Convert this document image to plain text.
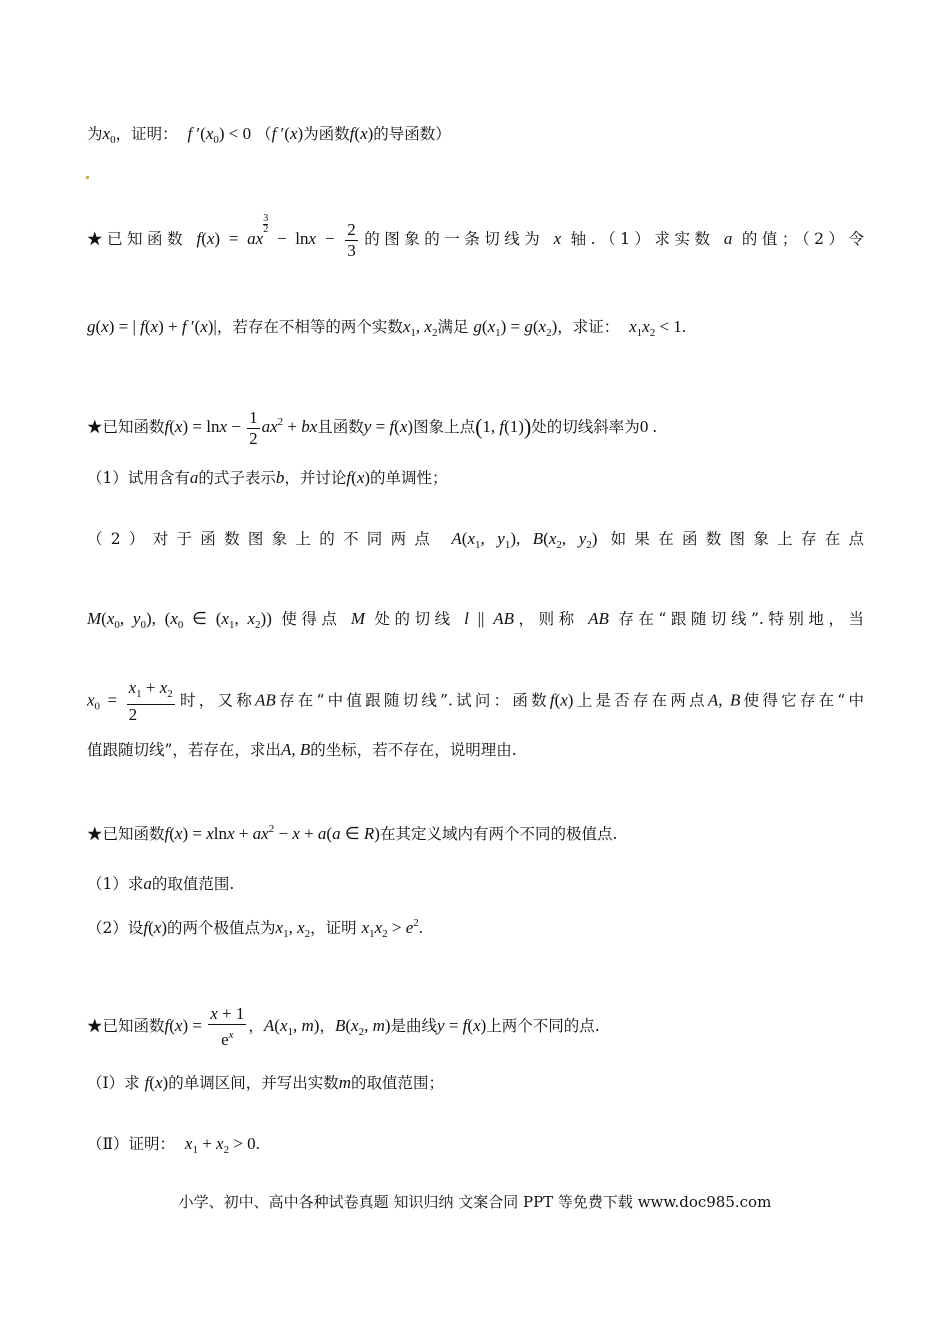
为$x_0$，证明： f $'(x_0) < 0$ （f ′(x)为函数f(x)的导函数）
★已知函数 f(x) = ax
$\frac{3}{2}$
− $\ln x - \frac{2}{3}$ 的图象的一条切线为 x 轴.（1）求实数 a 的值；（2）令
g(x) = | f(x) + f ′(x)|，若存在不相等的两个实数$x_1$, $x_2$满足 $g(x_1) = g(x_2)$，求证： $x_1x_2 < 1$.
★已知函数$f(x) = \ln x - \frac{1}{2} ax^2$ + bx且函数y = f(x)图象上点(1, f(1))处的切线斜率为0 .
（1）试用含有a的式子表示b，并讨论f(x)的单调性；
（2）对于函数图象上的不同两点 $A(x_1$, $y_1$), $B(x_2$, $y_2$) 如果在函数图象上存在点
$M(x_0$, $y_0$), ($x_0$ ∈ ($x_1$, $x_2$)) 使得点 M 处的切线 l || AB，则称 AB 存在“跟随切线”.特别地，当
$x_0 = \frac{x_1 + x_2}{2}$ 时，又称AB存在“中值跟随切线”.试问：函数f(x)上是否存在两点A, B使得它存在“中
值跟随切线”，若存在，求出A, B的坐标，若不存在，说明理由.
★已知函数$f(x) = xlnx + ax^2 - x + a(a$ ∈ R)在其定义域内有两个不同的极值点.
（1）求a的取值范围.
（2）设f(x)的两个极值点为$x_1$, $x_2$，证明 $x_1x_2 > e^2$.
★已知函数$f(x) = \frac{x + 1}{e^x}$ ，$A(x_1$, m)，$B(x_2$, m)是曲线y = f(x)上两个不同的点.
（Ⅰ）求 f(x)的单调区间，并写出实数m的取值范围；
（Ⅱ）证明： $x_1 + x_2 > 0$.
小学、初中、高中各种试卷真题 知识归纳 文案合同 PPT 等免费下载 www.doc985.com
